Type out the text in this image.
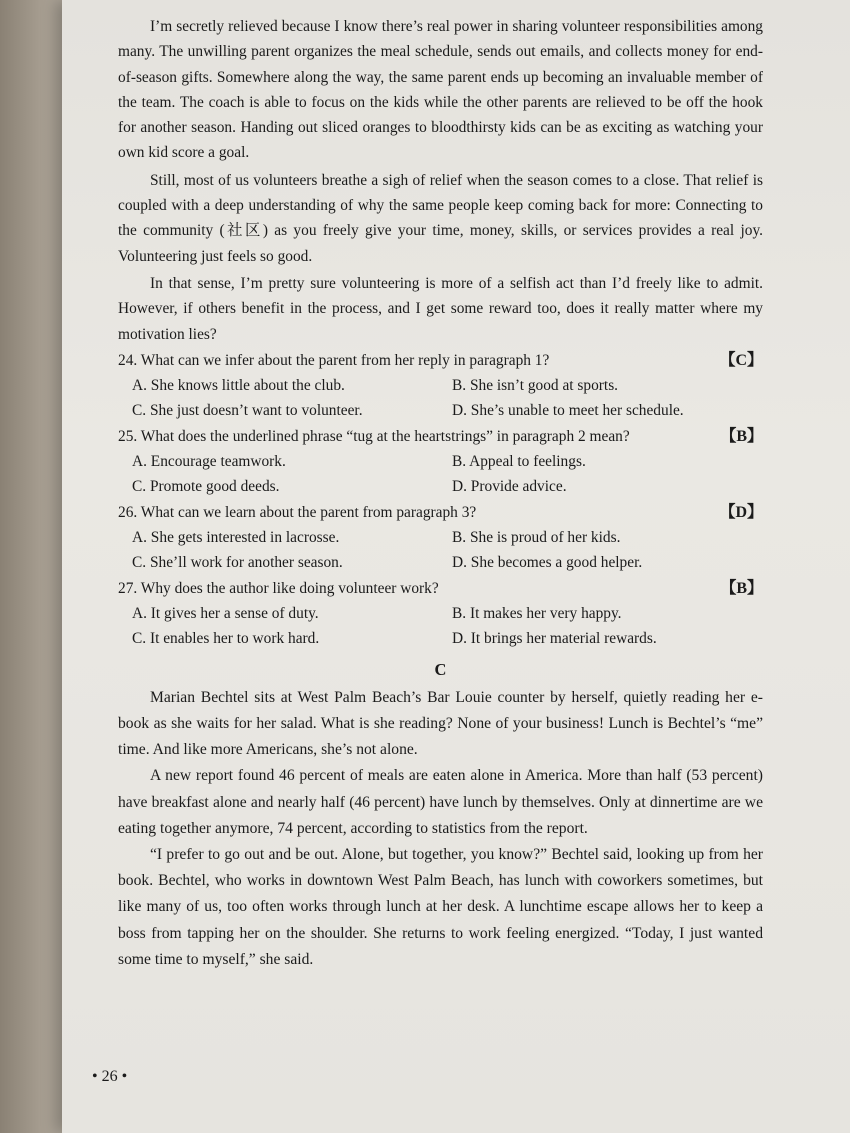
I’m secretly relieved because I know there’s real power in sharing volunteer responsibilities among many. The unwilling parent organizes the meal schedule, sends out emails, and collects money for end-of-season gifts. Somewhere along the way, the same parent ends up becoming an invaluable member of the team. The coach is able to focus on the kids while the other parents are relieved to be off the hook for another season. Handing out sliced oranges to bloodthirsty kids can be as exciting as watching your own kid score a goal.

Still, most of us volunteers breathe a sigh of relief when the season comes to a close. That relief is coupled with a deep understanding of why the same people keep coming back for more: Connecting to the community (社区) as you freely give your time, money, skills, or services provides a real joy. Volunteering just feels so good.

In that sense, I’m pretty sure volunteering is more of a selfish act than I’d freely like to admit. However, if others benefit in the process, and I get some reward too, does it really matter where my motivation lies?

24. What can we infer about the parent from her reply in paragraph 1?	【C】
A. She knows little about the club.	B. She isn’t good at sports.
C. She just doesn’t want to volunteer.	D. She’s unable to meet her schedule.
25. What does the underlined phrase “tug at the heartstrings” in paragraph 2 mean?	【B】
A. Encourage teamwork.	B. Appeal to feelings.
C. Promote good deeds.	D. Provide advice.
26. What can we learn about the parent from paragraph 3?	【D】
A. She gets interested in lacrosse.	B. She is proud of her kids.
C. She’ll work for another season.	D. She becomes a good helper.
27. Why does the author like doing volunteer work?	【B】
A. It gives her a sense of duty.	B. It makes her very happy.
C. It enables her to work hard.	D. It brings her material rewards.
C

Marian Bechtel sits at West Palm Beach’s Bar Louie counter by herself, quietly reading her e-book as she waits for her salad. What is she reading? None of your business! Lunch is Bechtel’s “me” time. And like more Americans, she’s not alone.

A new report found 46 percent of meals are eaten alone in America. More than half (53 percent) have breakfast alone and nearly half (46 percent) have lunch by themselves. Only at dinnertime are we eating together anymore, 74 percent, according to statistics from the report.

“I prefer to go out and be out. Alone, but together, you know?” Bechtel said, looking up from her book. Bechtel, who works in downtown West Palm Beach, has lunch with coworkers sometimes, but like many of us, too often works through lunch at her desk. A lunchtime escape allows her to keep a boss from tapping her on the shoulder. She returns to work feeling energized. “Today, I just wanted some time to myself,” she said.

• 26 •
